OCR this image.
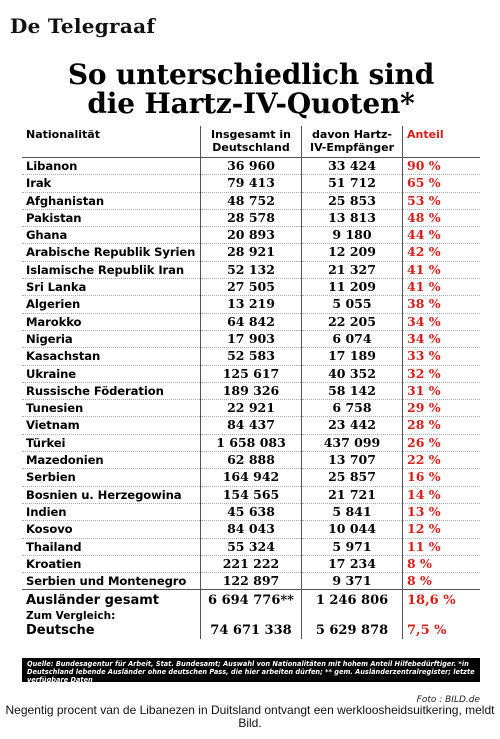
De Telegraaf
So unterschiedlich sind
die Hartz-IV-Quoten*
Nationalität	Insgesamt in Deutschland	davon Hartz-IV-Empfänger	Anteil
Libanon	36 960	33 424	90 %
Irak	79 413	51 712	65 %
Afghanistan	48 752	25 853	53 %
Pakistan	28 578	13 813	48 %
Ghana	20 893	9 180	44 %
Arabische Republik Syrien	28 921	12 209	42 %
Islamische Republik Iran	52 132	21 327	41 %
Sri Lanka	27 505	11 209	41 %
Algerien	13 219	5 055	38 %
Marokko	64 842	22 205	34 %
Nigeria	17 903	6 074	34 %
Kasachstan	52 583	17 189	33 %
Ukraine	125 617	40 352	32 %
Russische Föderation	189 326	58 142	31 %
Tunesien	22 921	6 758	29 %
Vietnam	84 437	23 442	28 %
Türkei	1 658 083	437 099	26 %
Mazedonien	62 888	13 707	22 %
Serbien	164 942	25 857	16 %
Bosnien u. Herzegowina	154 565	21 721	14 %
Indien	45 638	5 841	13 %
Kosovo	84 043	10 044	12 %
Thailand	55 324	5 971	11 %
Kroatien	221 222	17 234	8 %
Serbien und Montenegro	122 897	9 371	8 %
Ausländer gesamt	6 694 776**	1 246 806	18,6 %
Zum Vergleich:			
Deutsche	74 671 338	5 629 878	7,5 %
Quelle: Bundesagentur für Arbeit, Stat. Bundesamt; Auswahl von Nationalitäten mit hohem Anteil Hilfebedürftiger. *in Deutschland lebende Ausländer ohne deutschen Pass, die hier arbeiten dürfen; ** gem. Ausländerzentralregister; letzte verfügbare Daten
Foto : BILD.de
Negentig procent van de Libanezen in Duitsland ontvangt een werkloosheidsuitkering, meldt Bild.
